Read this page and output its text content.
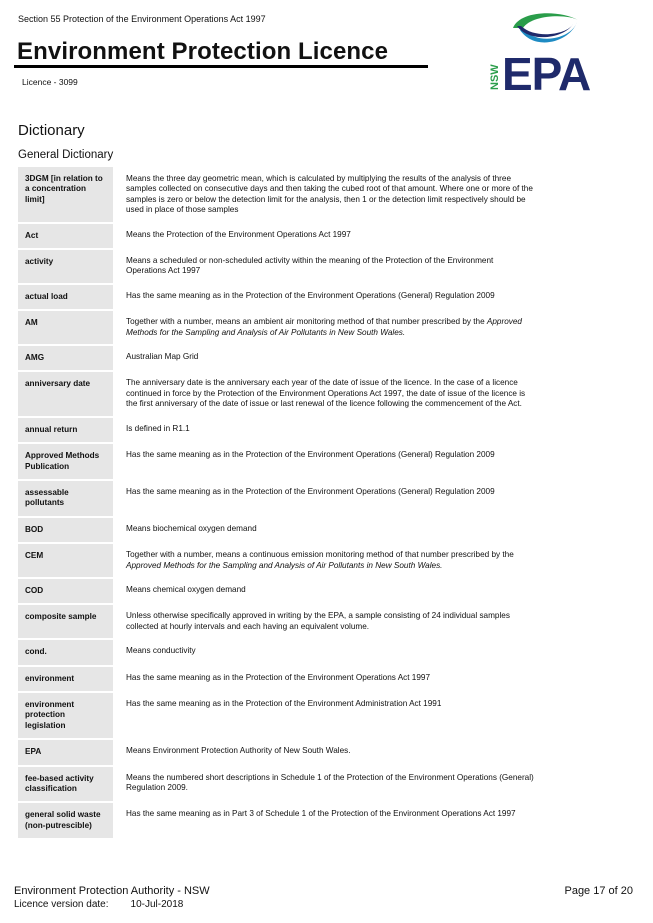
Section 55 Protection of the Environment Operations Act 1997
Environment Protection Licence
Licence - 3099	NSW EPA
Dictionary
General Dictionary
3DGM [in relation to a concentration limit]	Means the three day geometric mean, which is calculated by multiplying the results of the analysis of three samples collected on consecutive days and then taking the cubed root of that amount. Where one or more of the samples is zero or below the detection limit for the analysis, then 1 or the detection limit respectively should be used in place of those samples
Act	Means the Protection of the Environment Operations Act 1997
activity	Means a scheduled or non-scheduled activity within the meaning of the Protection of the Environment Operations Act 1997
actual load	Has the same meaning as in the Protection of the Environment Operations (General) Regulation 2009
AM	Together with a number, means an ambient air monitoring method of that number prescribed by the Approved Methods for the Sampling and Analysis of Air Pollutants in New South Wales.
AMG	Australian Map Grid
anniversary date	The anniversary date is the anniversary each year of the date of issue of the licence. In the case of a licence continued in force by the Protection of the Environment Operations Act 1997, the date of issue of the licence is the first anniversary of the date of issue or last renewal of the licence following the commencement of the Act.
annual return	Is defined in R1.1
Approved Methods Publication	Has the same meaning as in the Protection of the Environment Operations (General) Regulation 2009
assessable pollutants	Has the same meaning as in the Protection of the Environment Operations (General) Regulation 2009
BOD	Means biochemical oxygen demand
CEM	Together with a number, means a continuous emission monitoring method of that number prescribed by the Approved Methods for the Sampling and Analysis of Air Pollutants in New South Wales.
COD	Means chemical oxygen demand
composite sample	Unless otherwise specifically approved in writing by the EPA, a sample consisting of 24 individual samples collected at hourly intervals and each having an equivalent volume.
cond.	Means conductivity
environment	Has the same meaning as in the Protection of the Environment Operations Act 1997
environment protection legislation	Has the same meaning as in the Protection of the Environment Administration Act 1991
EPA	Means Environment Protection Authority of New South Wales.
fee-based activity classification	Means the numbered short descriptions in Schedule 1 of the Protection of the Environment Operations (General) Regulation 2009.
general solid waste (non-putrescible)	Has the same meaning as in Part 3 of Schedule 1 of the Protection of the Environment Operations Act 1997
Environment Protection Authority - NSW
Licence version date: 10-Jul-2018
Page 17 of 20
